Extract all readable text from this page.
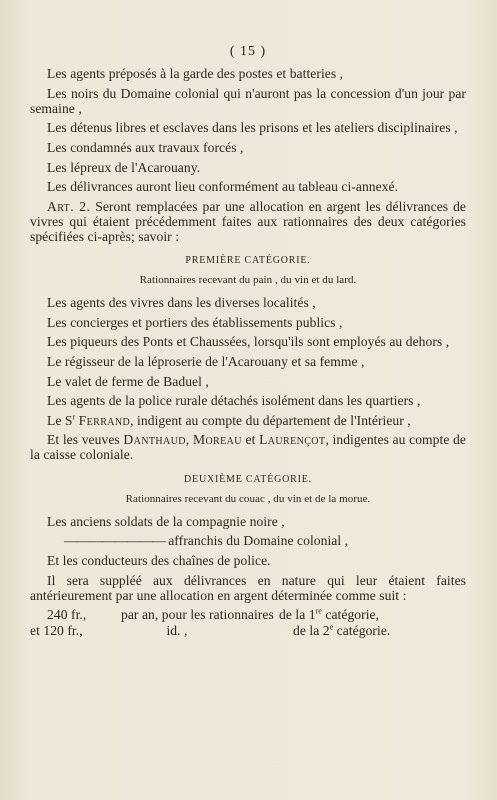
( 15 )

Les agents préposés à la garde des postes et batteries ,

Les noirs du Domaine colonial qui n'auront pas la concession d'un jour par semaine ,

Les détenus libres et esclaves dans les prisons et les ateliers disciplinaires ,

Les condamnés aux travaux forcés ,

Les lépreux de l'Acarouany.

Les délivrances auront lieu conformément au tableau ci-annexé.

Art. 2. Seront remplacées par une allocation en argent les délivrances de vivres qui étaient précédemment faites aux rationnaires des deux catégories spécifiées ci-après; savoir :

PREMIÈRE CATÉGORIE.
Rationnaires recevant du pain , du vin et du lard.

Les agents des vivres dans les diverses localités ,

Les concierges et portiers des établissements publics ,

Les piqueurs des Ponts et Chaussées, lorsqu'ils sont employés au dehors ,

Le régisseur de la léproserie de l'Acarouany et sa femme ,

Le valet de ferme de Baduel ,

Les agents de la police rurale détachés isolément dans les quartiers ,

Le $S^r$ Ferrand, indigent au compte du département de l'Intérieur ,

Et les veuves Danthaud, Moreau et Laurençot, indigentes au compte de la caisse coloniale.

DEUXIÈME CATÉGORIE.
Rationnaires recevant du couac , du vin et de la morue.

Les anciens soldats de la compagnie noire ,

———————— affranchis du Domaine colonial ,

Et les conducteurs des chaînes de police.

Il sera suppléé aux délivrances en nature qui leur étaient faites antérieurement par une allocation en argent déterminée comme suit :

240 fr.,	par an, pour les rationnaires de la 1re catégorie,
et 120 fr.,	id. ,	de la 2e catégorie.
